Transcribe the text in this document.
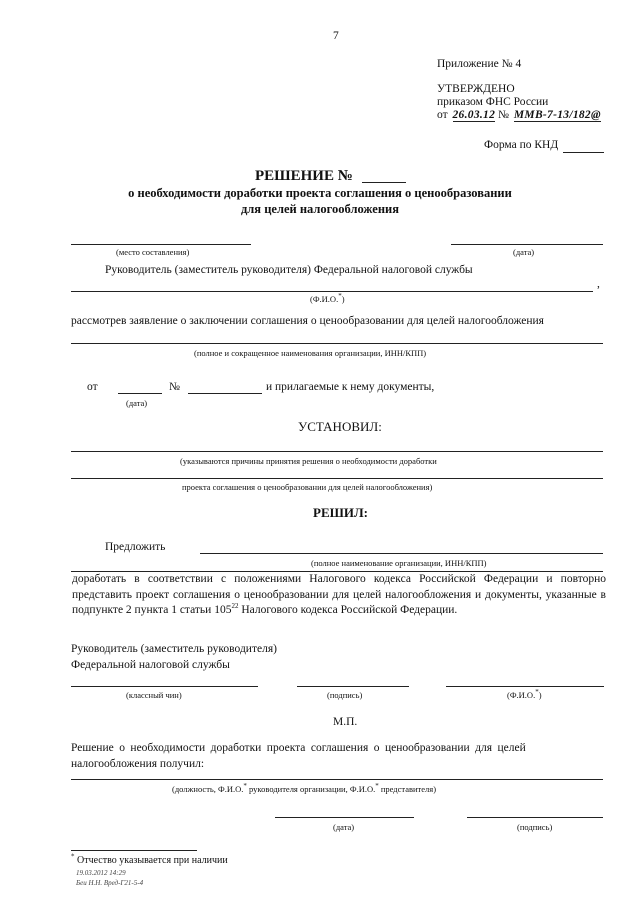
7
Приложение № 4
УТВЕРЖДЕНО
приказом ФНС России
от 26.03.12 № ММВ-7-13/182@
Форма по КНД
РЕШЕНИЕ №
о необходимости доработки проекта соглашения о ценообразовании
для целей налогообложения
(место составления)	(дата)
Руководитель (заместитель руководителя) Федеральной налоговой службы
,
(Ф.И.О.*)
рассмотрев заявление о заключении соглашения о ценообразовании для целей налогообложения
(полное и сокращенное наименования организации, ИНН/КПП)
от	№	и прилагаемые к нему документы,
(дата)
УСТАНОВИЛ:
(указываются причины принятия решения о необходимости доработки
проекта соглашения о ценообразовании для целей налогообложения)
РЕШИЛ:
Предложить
(полное наименование организации, ИНН/КПП)
доработать в соответствии с положениями Налогового кодекса Российской Федерации и повторно представить проект соглашения о ценообразовании для целей налогообложения и документы, указанные в подпункте 2 пункта 1 статьи $105^{22}$ Налогового кодекса Российской Федерации.
Руководитель (заместитель руководителя)
Федеральной налоговой службы
(классный чин)	(подпись)	(Ф.И.О.*)
М.П.
Решение о необходимости доработки проекта соглашения о ценообразовании для целей
налогообложения получил:
(должность, Ф.И.О.* руководителя организации, Ф.И.О.* представителя)
(дата)	(подпись)
* Отчество указывается при наличии
19.03.2012 14:29
Беи Н.Н. Вред-Г21-5-4
